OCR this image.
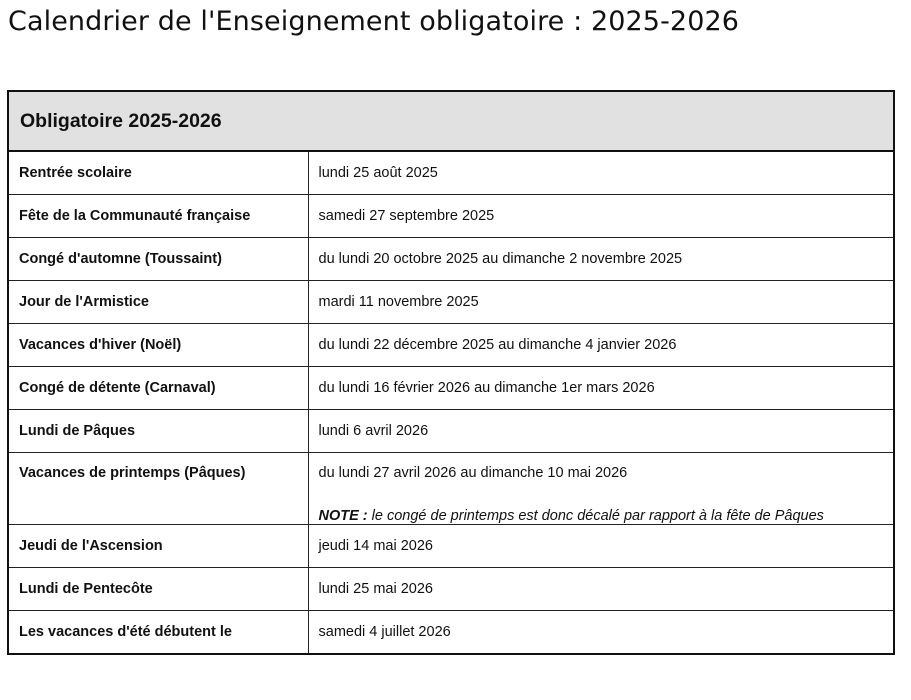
Calendrier de l'Enseignement obligatoire : 2025-2026
Obligatoire 2025-2026	
Rentrée scolaire	lundi 25 août 2025
Fête de la Communauté française	samedi 27 septembre 2025
Congé d'automne (Toussaint)	du lundi 20 octobre 2025 au dimanche 2 novembre 2025
Jour de l'Armistice	mardi 11 novembre 2025
Vacances d'hiver (Noël)	du lundi 22 décembre 2025 au dimanche 4 janvier 2026
Congé de détente (Carnaval)	du lundi 16 février 2026 au dimanche 1er mars 2026
Lundi de Pâques	lundi 6 avril 2026
Vacances de printemps (Pâques)	du lundi 27 avril 2026 au dimanche 10 mai 2026
NOTE : le congé de printemps est donc décalé par rapport à la fête de Pâques

Jeudi de l'Ascension	jeudi 14 mai 2026
Lundi de Pentecôte	lundi 25 mai 2026
Les vacances d'été débutent le	samedi 4 juillet 2026
